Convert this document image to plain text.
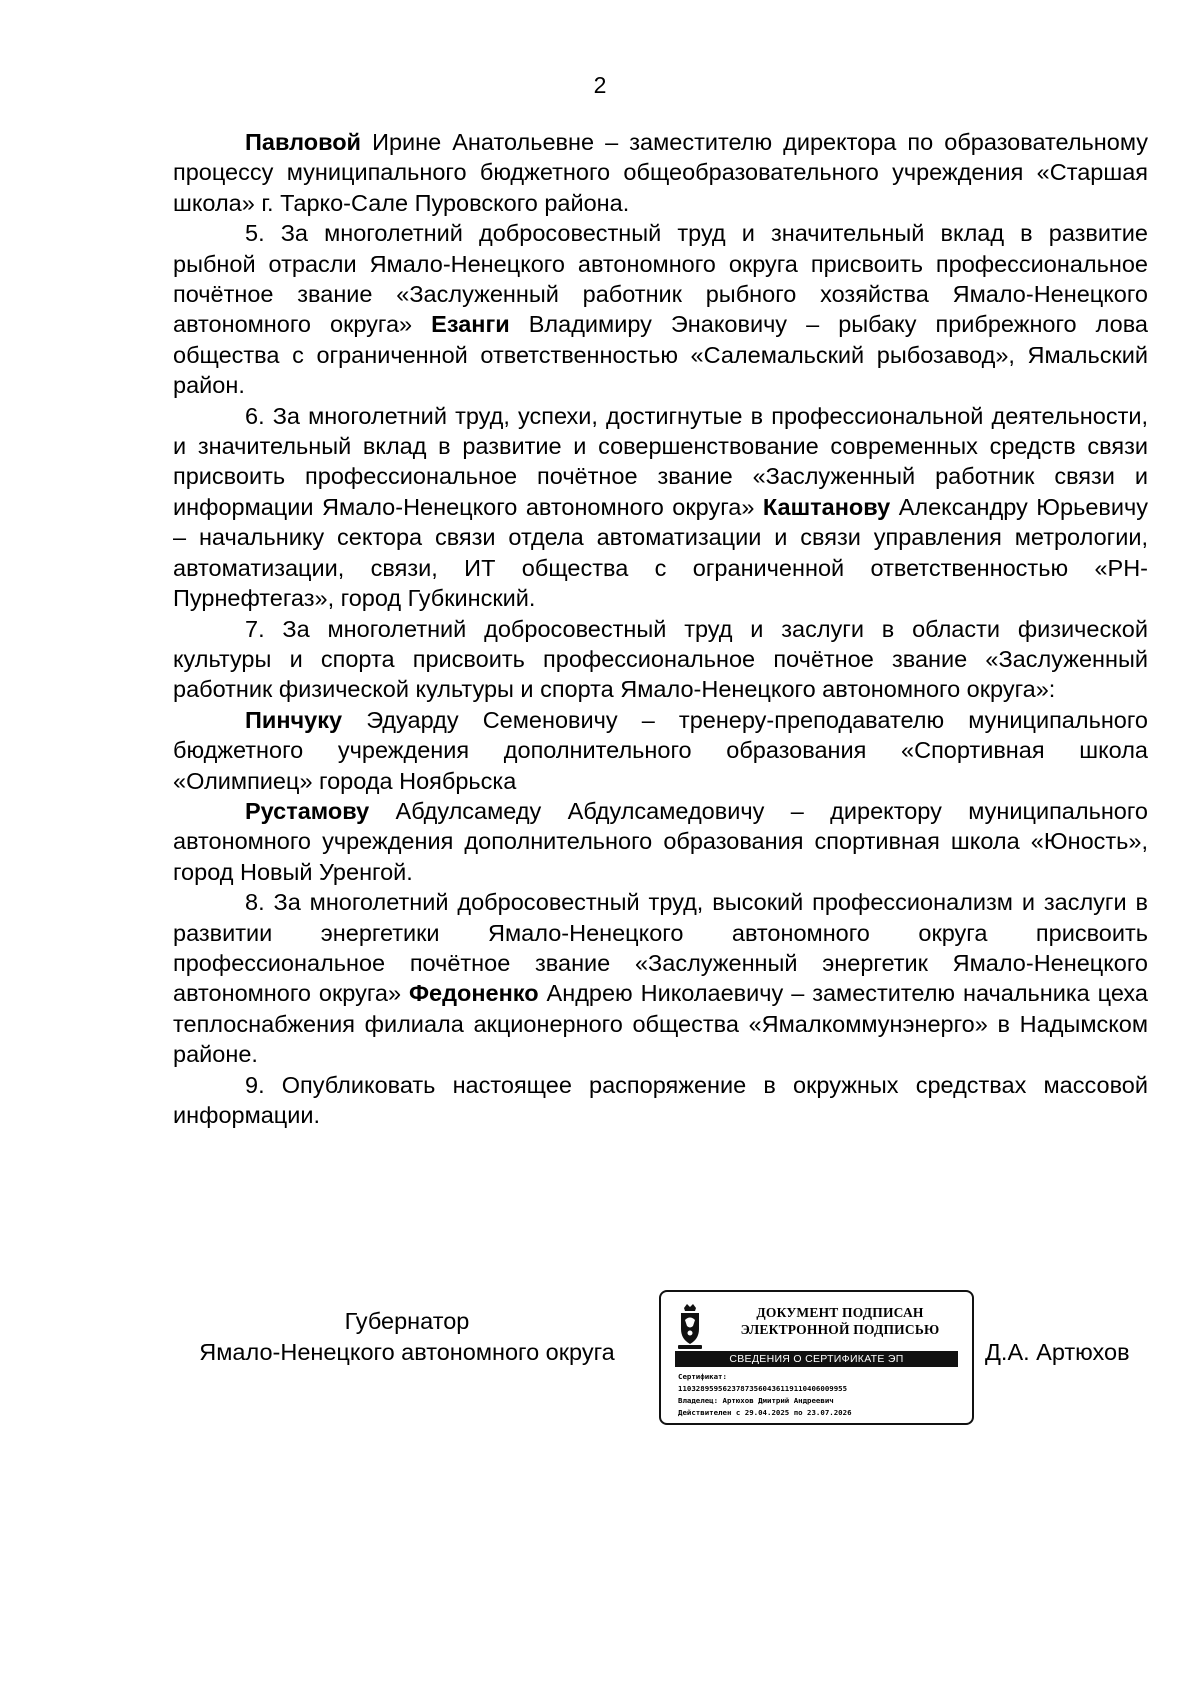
2

Павловой Ирине Анатольевне – заместителю директора по образовательному процессу муниципального бюджетного общеобразовательного учреждения «Старшая школа» г. Тарко-Сале Пуровского района.

5. За многолетний добросовестный труд и значительный вклад в развитие рыбной отрасли Ямало-Ненецкого автономного округа присвоить профессиональное почётное звание «Заслуженный работник рыбного хозяйства Ямало-Ненецкого автономного округа» Езанги Владимиру Энаковичу – рыбаку прибрежного лова общества с ограниченной ответственностью «Салемальский рыбозавод», Ямальский район.

6. За многолетний труд, успехи, достигнутые в профессиональной деятельности, и значительный вклад в развитие и совершенствование современных средств связи присвоить профессиональное почётное звание «Заслуженный работник связи и информации Ямало-Ненецкого автономного округа» Каштанову Александру Юрьевичу – начальнику сектора связи отдела автоматизации и связи управления метрологии, автоматизации, связи, ИТ общества с ограниченной ответственностью «РН-Пурнефтегаз», город Губкинский.

7. За многолетний добросовестный труд и заслуги в области физической культуры и спорта присвоить профессиональное почётное звание «Заслуженный работник физической культуры и спорта Ямало-Ненецкого автономного округа»:

Пинчуку Эдуарду Семеновичу – тренеру-преподавателю муниципального бюджетного учреждения дополнительного образования «Спортивная школа «Олимпиец» города Ноябрьска

Рустамову Абдулсамеду Абдулсамедовичу – директору муниципального автономного учреждения дополнительного образования спортивная школа «Юность», город Новый Уренгой.

8. За многолетний добросовестный труд, высокий профессионализм и заслуги в развитии энергетики Ямало-Ненецкого автономного округа присвоить профессиональное почётное звание «Заслуженный энергетик Ямало-Ненецкого автономного округа» Федоненко Андрею Николаевичу – заместителю начальника цеха теплоснабжения филиала акционерного общества «Ямалкоммунэнерго» в Надымском районе.

9. Опубликовать настоящее распоряжение в окружных средствах массовой информации.

Губернатор
Ямало-Ненецкого автономного округа
ДОКУМЕНТ ПОДПИСАН
ЭЛЕКТРОННОЙ ПОДПИСЬЮ
СВЕДЕНИЯ О СЕРТИФИКАТЕ ЭП
Сертификат:
110328959562378735604361191104060099​55
Владелец: Артюхов Дмитрий Андреевич
Действителен с 29.04.2025 по 23.07.2026
Д.А. Артюхов
